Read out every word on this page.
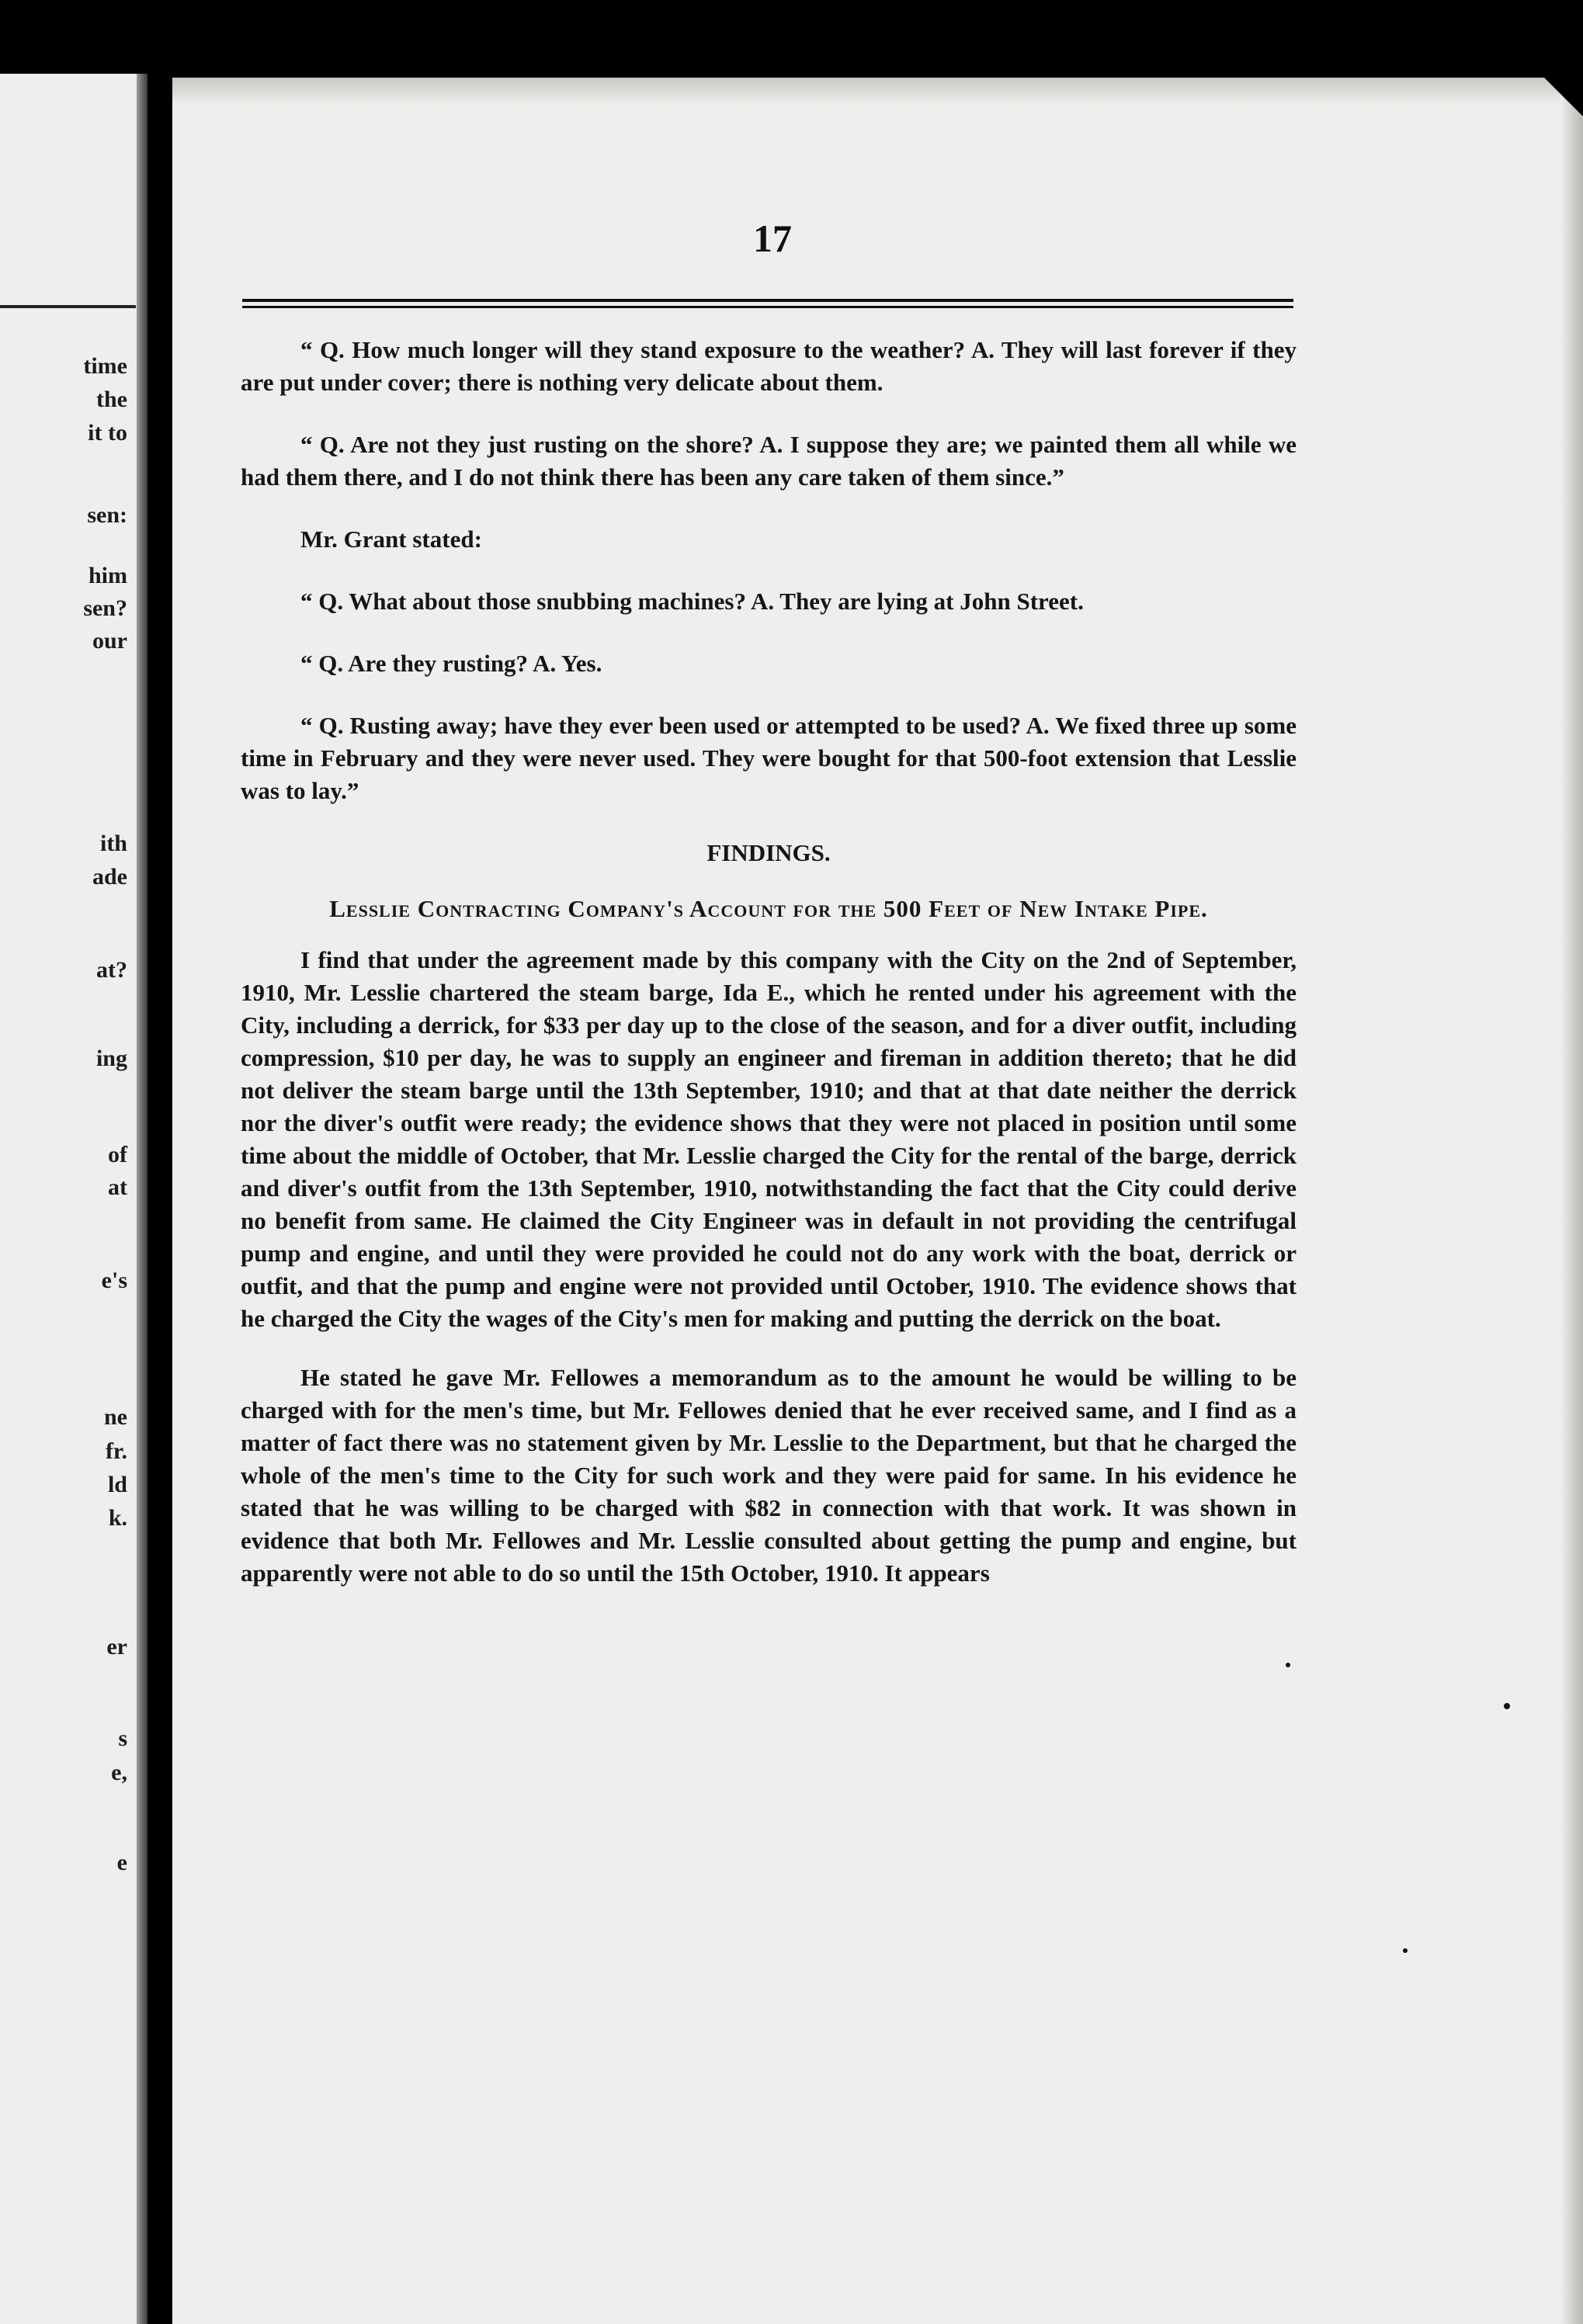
time
the
it to
sen:
him
sen?
our
ith
ade
at?
ing
of
at
e's
ne
fr.
ld
k.
er
s
e,
e
17

“ Q. How much longer will they stand exposure to the weather? A. They will last forever if they are put under cover; there is nothing very delicate about them.

“ Q. Are not they just rusting on the shore? A. I suppose they are; we painted them all while we had them there, and I do not think there has been any care taken of them since.”

Mr. Grant stated:

“ Q. What about those snubbing machines? A. They are lying at John Street.

“ Q. Are they rusting? A. Yes.

“ Q. Rusting away; have they ever been used or attempted to be used? A. We fixed three up some time in February and they were never used. They were bought for that 500-foot extension that Lesslie was to lay.”

FINDINGS.
Lesslie Contracting Company's Account for the 500 Feet of New Intake Pipe.

I find that under the agreement made by this company with the City on the 2nd of September, 1910, Mr. Lesslie chartered the steam barge, Ida E., which he rented under his agreement with the City, including a derrick, for $33 per day up to the close of the season, and for a diver outfit, including compression, $10 per day, he was to supply an engineer and fireman in addition thereto; that he did not deliver the steam barge until the 13th September, 1910; and that at that date neither the derrick nor the diver's outfit were ready; the evidence shows that they were not placed in position until some time about the middle of October, that Mr. Lesslie charged the City for the rental of the barge, derrick and diver's outfit from the 13th September, 1910, notwithstanding the fact that the City could derive no benefit from same. He claimed the City Engineer was in default in not providing the centrifugal pump and engine, and until they were provided he could not do any work with the boat, derrick or outfit, and that the pump and engine were not provided until October, 1910. The evidence shows that he charged the City the wages of the City's men for making and putting the derrick on the boat.

He stated he gave Mr. Fellowes a memorandum as to the amount he would be willing to be charged with for the men's time, but Mr. Fellowes denied that he ever received same, and I find as a matter of fact there was no statement given by Mr. Lesslie to the Department, but that he charged the whole of the men's time to the City for such work and they were paid for same. In his evidence he stated that he was willing to be charged with $82 in connection with that work. It was shown in evidence that both Mr. Fellowes and Mr. Lesslie consulted about getting the pump and engine, but apparently were not able to do so until the 15th October, 1910. It appears
